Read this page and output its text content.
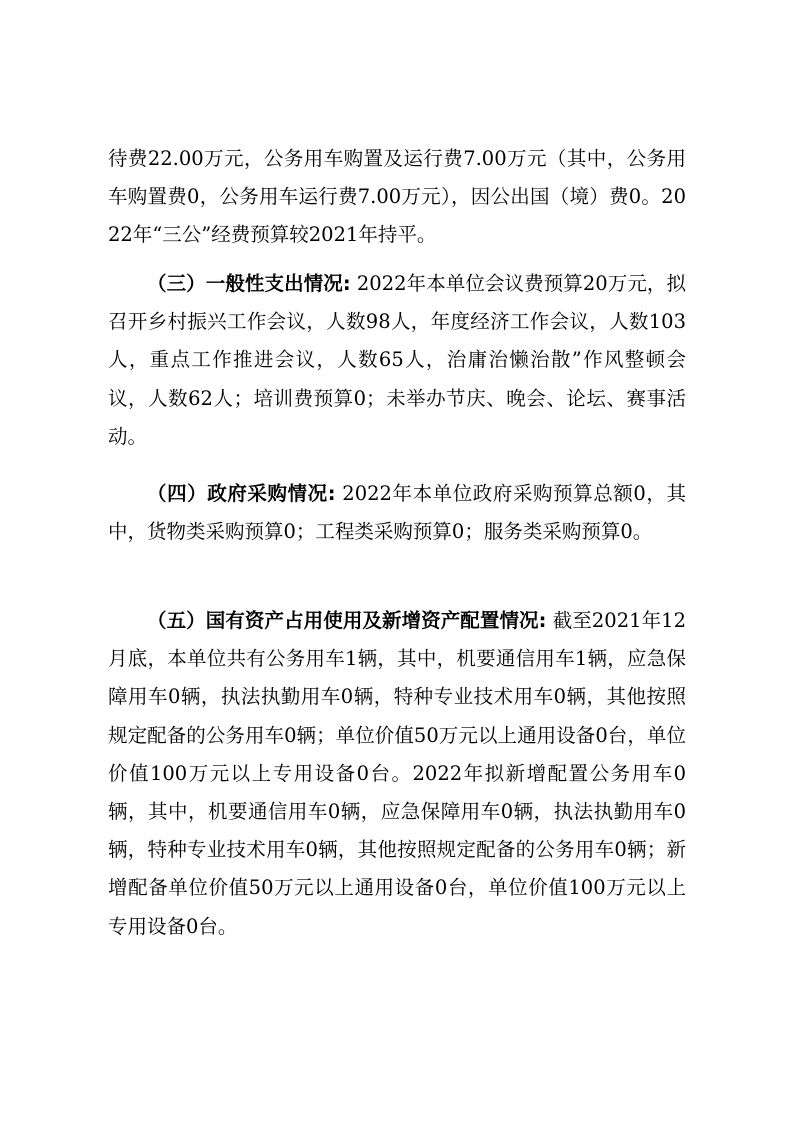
待费22.00万元，公务用车购置及运行费7.00万元（其中，公务用车购置费0，公务用车运行费7.00万元），因公出国（境）费0。2022年“三公”经费预算较2021年持平。

（三）一般性支出情况: 2022年本单位会议费预算20万元，拟召开乡村振兴工作会议，人数98人，年度经济工作会议，人数103人，重点工作推进会议，人数65人，治庸治懒治散”作风整顿会议，人数62人；培训费预算0；未举办节庆、晚会、论坛、赛事活动。

（四）政府采购情况: 2022年本单位政府采购预算总额0，其中，货物类采购预算0；工程类采购预算0；服务类采购预算0。

（五）国有资产占用使用及新增资产配置情况: 截至2021年12月底，本单位共有公务用车1辆，其中，机要通信用车1辆，应急保障用车0辆，执法执勤用车0辆，特种专业技术用车0辆，其他按照规定配备的公务用车0辆；单位价值50万元以上通用设备0台，单位价值100万元以上专用设备0台。2022年拟新增配置公务用车0辆，其中，机要通信用车0辆，应急保障用车0辆，执法执勤用车0辆，特种专业技术用车0辆，其他按照规定配备的公务用车0辆；新增配备单位价值50万元以上通用设备0台，单位价值100万元以上专用设备0台。
